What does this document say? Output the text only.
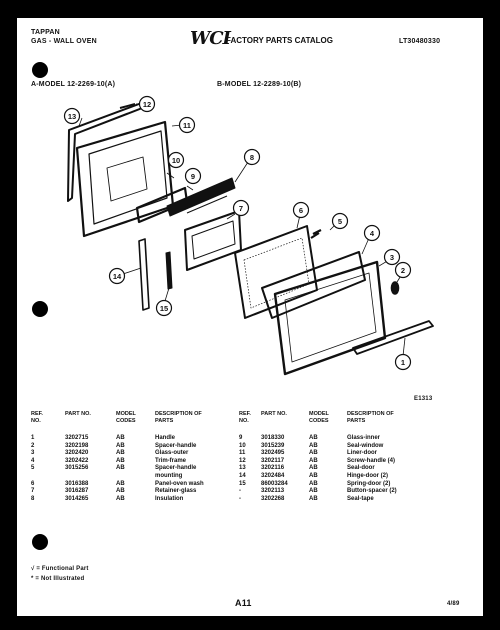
TAPPAN
GAS - WALL OVEN	WCI
FACTORY PARTS CATALOG	LT30480330
A-MODEL 12-2269-10(A)	B-MODEL 12-2289-10(B)
12
13
11
10
9
8
7	6
5
4
3
2
1
14
15
E1313
REF. NO.
PART NO.	MODEL CODES
DESCRIPTION OF PARTS
REF. NO.
PART NO.	MODEL CODES
DESCRIPTION OF PARTS
1	3202715	AB	Handle
2	3202198	AB	Spacer-handle
3	3202420	AB	Glass-outer
4	3202422	AB	Trim-frame
5	3015256	AB	Spacer-handle
mounting
6	3016388	AB	Panel-oven wash
7	3016287	AB	Retainer-glass
8	3014265	AB	Insulation
9	3018330	AB	Glass-inner
10	3015239	AB	Seal-window
11	3202495	AB	Liner-door
12	3202117	AB	Screw-handle (4)
13	3202116	AB	Seal-door
14	3202484	AB	Hinge-door (2)
15	86003284	AB	Spring-door (2)
-	3202113	AB	Button-spacer (2)
-	3202268	AB	Seal-tape
√ = Functional Part
* = Not Illustrated
A11	4/89
